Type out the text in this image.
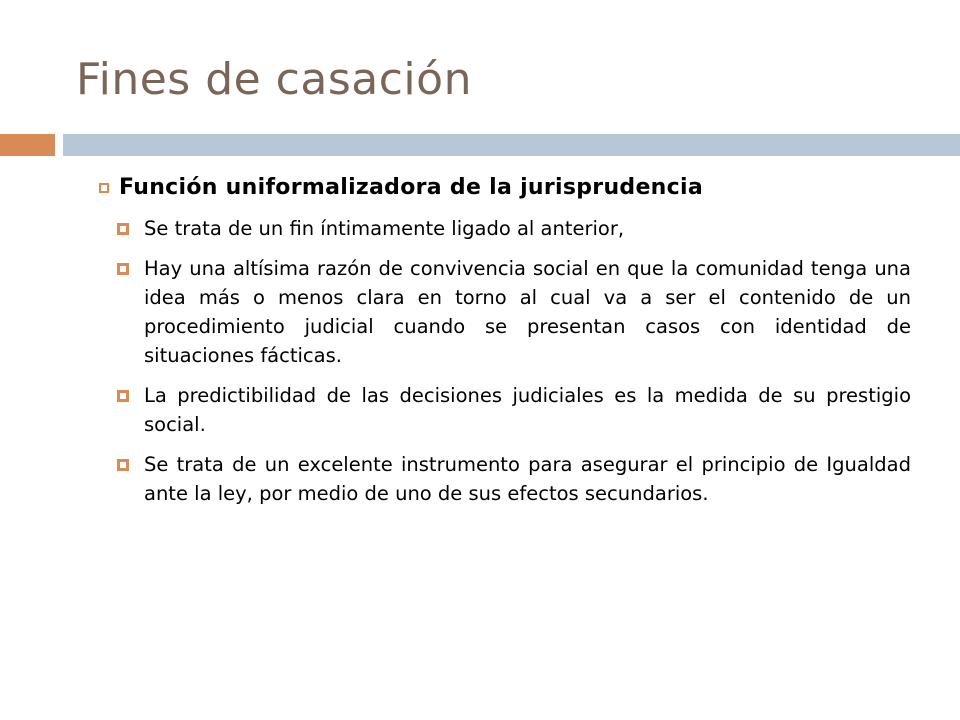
Fines de casación
Función uniformalizadora de la jurisprudencia

Se trata de un fin íntimamente ligado al anterior,

Hay una altísima razón de convivencia social en que la comunidad tenga una idea más o menos clara en torno al cual va a ser el contenido de un procedimiento judicial cuando se presentan casos con identidad de situaciones fácticas.

La predictibilidad de las decisiones judiciales es la medida de su prestigio social.

Se trata de un excelente instrumento para asegurar el principio de Igualdad ante la ley, por medio de uno de sus efectos secundarios.
